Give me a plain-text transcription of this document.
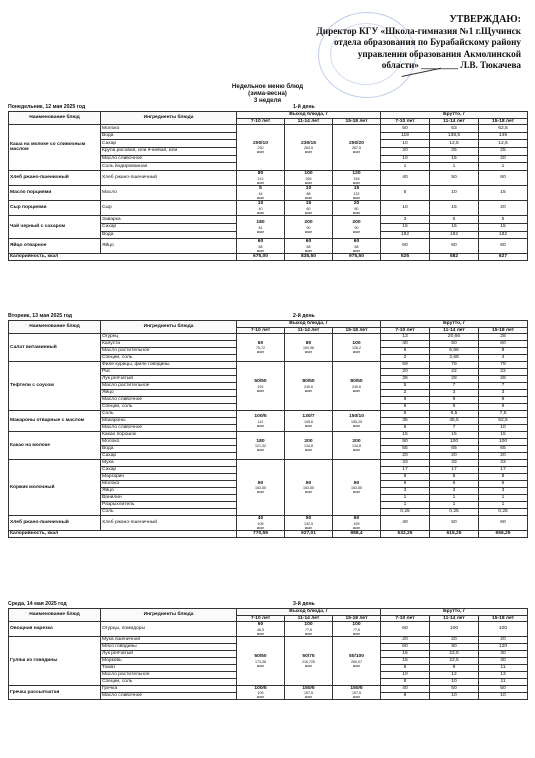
УТВЕРЖДАЮ:
Директор КГУ «Школа-гимназия №1 г.Щучинск
отдела образования по Бурабайскому району
управления образования Акмолинской
области» ________ Л.В. Тюкачева
Недельное меню блюд
(зима-весна)
3 неделя
Понедельник, 12 мая 2025 год	1-й день
Наименование блюд	Ингредиенты блюда	Выход блюда, г			Брутто, г		
		7-10 лет	11-14 лет	15-18 лет	7-10 лет	11-14 лет	15-18 лет
Каша на молоке со сливочным маслом	Молоко	200/10
230
ккал	230/15
264,5
ккал	250/20
287,5
ккал	50	53	62,5
	Вода				119	138,5	149
	Сахар				10	12,5	12,5
	Крупа рисовая, или ячневая, или				20	25	25
	Масло сливочное				10	15	20
	Соль йодированная				1	1	1
Хлеб ржано-пшеничный	Хлеб ржано-пшеничный	80
212
ккал	100
265
ккал	120
318
ккал	40	50	60

Масло порциями	Масло	5
44
ккал	10
88
ккал	15
132
ккал	5	10	15

Сыр порциями	Сыр	10
40
ккал	15
60
ккал	20
80
ккал	10	15	20

Чай черный с сахаром	Заварка	180
81
ккал	200
90
ккал	200
90
ккал	3	5	5
	Сахар				15	15	15
	Вода				182	182	182
Яйцо отварное	Яйцо	60
68
ккал	60
68
ккал	60
68
ккал	60	60	60

Калорийность, ккал		675,00	835,50	975,50	525	582	627
Вторник, 13 мая 2025 год	2-й день
Наименование блюд	Ингредиенты блюда	Выход блюда, г			Брутто, г		
		7-10 лет	11-14 лет	15-18 лет	7-10 лет	11-14 лет	15-18 лет
Салат витаминный	Огурец	60
75,72
ккал	80
100,96
ккал	100
126,2
ккал	13	20,66	28
	Капуста				40	50	60
	Масло растительное				5	6,66	8
	Специи, соль				2	2,68	4
Тефтели с соусом	Филе курицы, филе говядины	50/50
192
ккал	80/50
249,6
ккал	80/50
249,6
ккал	59	79	79
	Рис				20	22	22
	Лук репчатый				36	28	28
	Масло растительное				5	7	7
	Яйцо				2	3	3
	Масло сливочное				8	9	9
	Специи, соль				8	9	9
Макароны отварные с маслом	Соль	100/5
112
ккал	130/7
145,6
ккал	150/10
155,25
ккал	5	6,5	7,5
	Макароны				35	45,5	52,5
	Масло сливочное				5	7	10
Какао на молоке	Какао порошок	180
121,32
ккал	200
134,8
ккал	200
134,8
ккал	15	15	15
	Молоко				90	100	100
	Вода				55	65	65
	Сахар				20	20	20
Коржик молочный	Мука	50
163,55
ккал	50
163,55
ккал	50
163,55
ккал	33	33	33
	Сахар				17	17	17
	Маргарин				8	8	8
	Молоко				6	6	6
	Яйцо				3	3	3
	Ванилин				1	1	1
	Разрыхлитель				1	1	1
	Соль				0,25	0,25	0,25
Хлеб ржано-пшеничный	Хлеб ржано-пшеничный	40
106
ккал	50
132,5
ккал	60
159
ккал	40	50	60

Калорийность, ккал		770,59	927,01	988,4	532,25	615,25	656,25
Среда, 14 мая 2025 год	3-й день
Наименование блюд	Ингредиенты блюда	Выход блюда, г			Брутто, г		
		7-10 лет	11-14 лет	15-18 лет	7-10 лет	11-14 лет	15-18 лет
Овощная нарезка	Огурцы, помидоры	60
46,5
ккал	100
77,5
ккал	100
77,5
ккал	60	100	100

Гуляш из говядины	Мука пшеничная	50/50
173,38
ккал	50/75
216,725
ккал	50/100
260,07
ккал	20	20	20
	Мясо говядины				60	90	120
	Лук репчатый				15	22,5	30
	Морковь				15	22,5	30
	Томат				5	9	11
	Масло растительное				10	12	13
	Специи, соль				8	10	11
Гречка рассыпчатая	Гречка	100/5
105
ккал	150/5
157,5
ккал	150/5
157,5
ккал	40	50	50
	Масло сливочное				8	10	10
